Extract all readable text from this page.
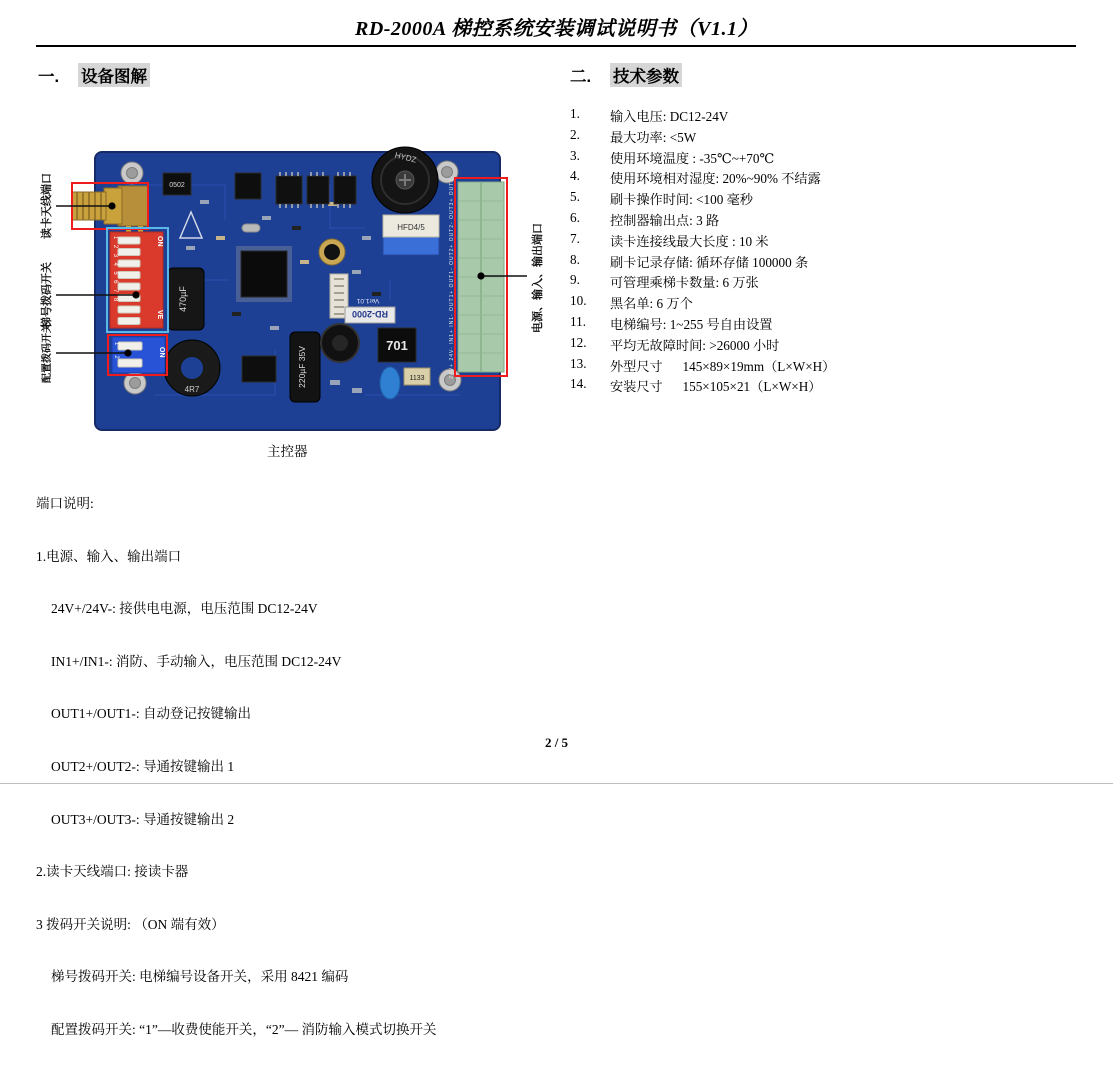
RD-2000A 梯控系统安装调试说明书（V1.1）
一.	设备图解	二.	技术参数
1.	输入电压: DC12-24V
2.	最大功率: <5W
3.	使用环境温度 : -35℃~+70℃
4.	使用环境相对湿度: 20%~90% 不结露
5.	刷卡操作时间: <100 毫秒
6.	控制器输出点: 3 路
7.	读卡连接线最大长度 : 10 米
8.	刷卡记录存储: 循环存储 100000 条
9.	可管理乘梯卡数量: 6 万张
10.	黑名单: 6 万个
11.	电梯编号: 1~255 号自由设置
12.	平均无故障时间: >26000 小时
13.	外型尺寸      145×89×19mm（L×W×H）
14.	安装尺寸      155×105×21（L×W×H）
0502
HYDZ
HFD4/5
Ver1.01
RD-2000
470µF
4R7
220µF 35V
701
1133
12345678	ON
VE
12	ON	24V+ 24V- IN1+ IN1- OUT1+ OUT1- OUT2+ OUT2- OUT3+ OUT3-
读卡天线端口
梯号拨码开关
配置拨码开关
电源、输入、输出端口
主控器

端口说明:

1.电源、输入、输出端口

24V+/24V-: 接供电电源，电压范围 DC12-24V

IN1+/IN1-: 消防、手动输入，电压范围 DC12-24V

OUT1+/OUT1-: 自动登记按键输出

OUT2+/OUT2-: 导通按键输出 1

OUT3+/OUT3-: 导通按键输出 2

2.读卡天线端口: 接读卡器

3 拨码开关说明: （ON 端有效）

梯号拨码开关: 电梯编号设备开关，采用 8421 编码

配置拨码开关: “1”—收费使能开关，“2”— 消防输入模式切换开关

2 / 5
